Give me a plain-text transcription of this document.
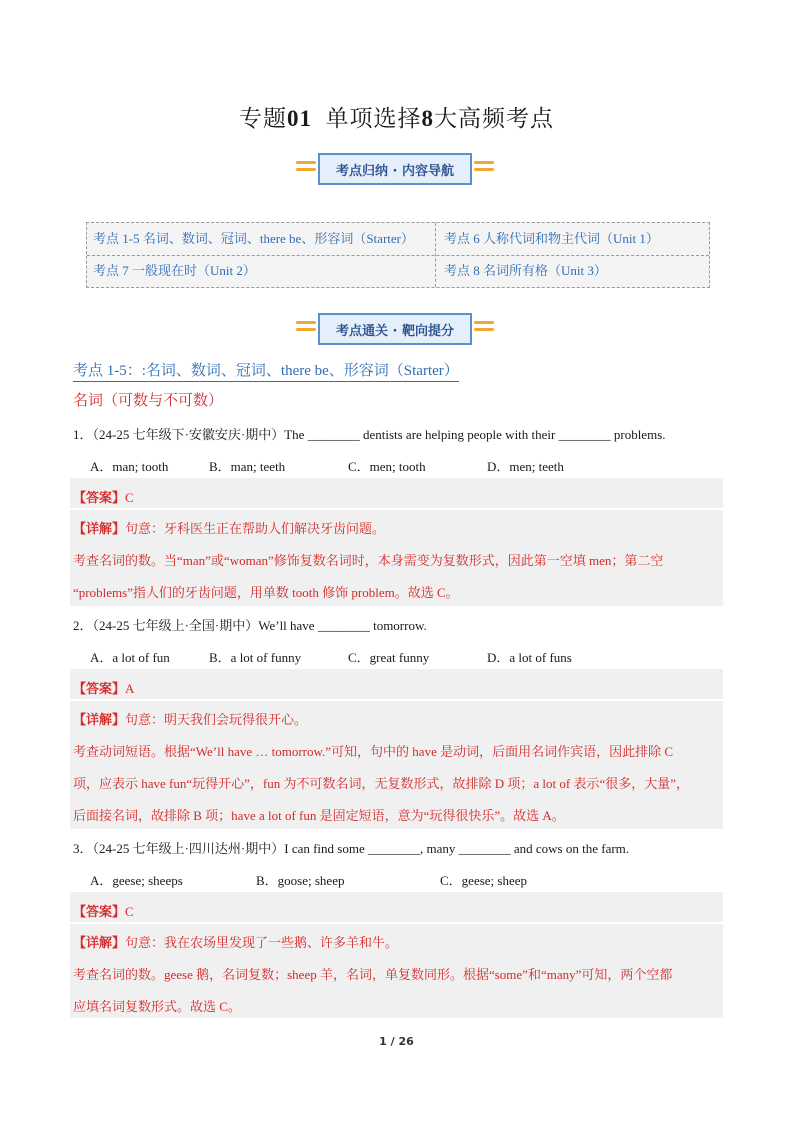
专题01 单项选择8大高频考点
考点归纳 · 内容导航
考点 1-5 名词、数词、冠词、there be、形容词（Starter）	考点 6 人称代词和物主代词（Unit 1）
考点 7 一般现在时（Unit 2）	考点 8 名词所有格（Unit 3）
考点通关 · 靶向提分
考点 1-5：:名词、数词、冠词、there be、形容词（Starter）
名词（可数与不可数）
1．（24-25 七年级下·安徽安庆·期中）The ________ dentists are helping people with their ________ problems.
A．man; tooth	B．man; teeth	C．men; tooth	D．men; teeth
【答案】C
【详解】句意：牙科医生正在帮助人们解决牙齿问题。
考查名词的数。当“man”或“woman”修饰复数名词时，本身需变为复数形式，因此第一空填 men；第二空
“problems”指人们的牙齿问题，用单数 tooth 修饰 problem。故选 C。
2．（24-25 七年级上·全国·期中）We’ll have ________ tomorrow.
A．a lot of fun	B．a lot of funny	C．great funny	D．a lot of funs
【答案】A
【详解】句意：明天我们会玩得很开心。
考查动词短语。根据“We’ll have … tomorrow.”可知，句中的 have 是动词，后面用名词作宾语，因此排除 C
项，应表示 have fun“玩得开心”，fun 为不可数名词，无复数形式，故排除 D 项；a lot of 表示“很多，大量”，
后面接名词，故排除 B 项；have a lot of fun 是固定短语，意为“玩得很快乐”。故选 A。
3．（24-25 七年级上·四川达州·期中）I can find some ________, many ________ and cows on the farm.
A．geese; sheeps	B．goose; sheep	C．geese; sheep
【答案】C
【详解】句意：我在农场里发现了一些鹅、许多羊和牛。
考查名词的数。geese 鹅，名词复数；sheep 羊，名词，单复数同形。根据“some”和“many”可知，两个空都
应填名词复数形式。故选 C。
1 / 26
